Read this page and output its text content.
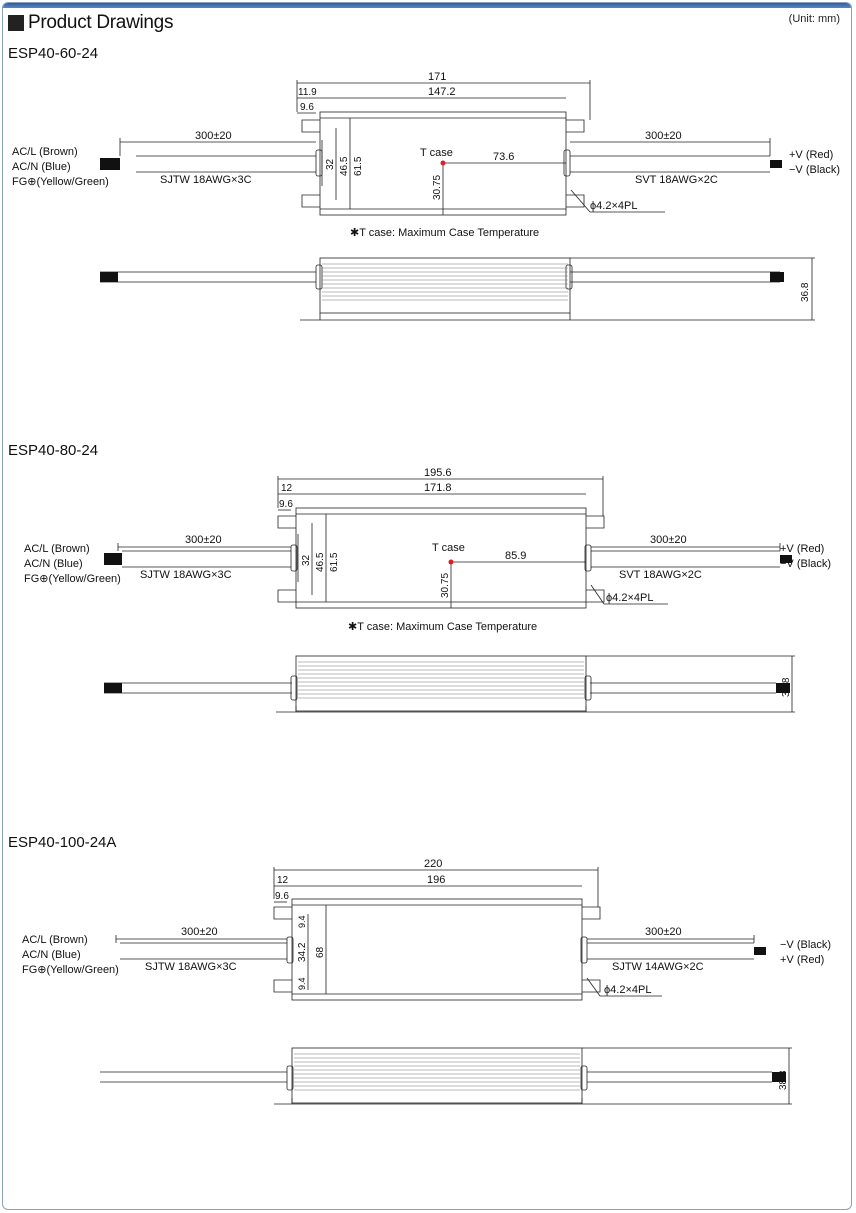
Product Drawings	(Unit: mm)
ESP40-60-24
171
147.2
11.9
9.6
300±20	300±20
32 46.5 61.5
T case	73.6
30.75
AC/L (Brown)
AC/N (Blue)
FG⊕(Yellow/Green)	SJTW 18AWG×3C	SVT 18AWG×2C
+V (Red)
−V (Black)
ϕ4.2×4PL
✱T case: Maximum Case Temperature
36.8
ESP40-80-24
195.6
171.8
12
9.6
300±20	300±20
32 46.5 61.5
T case
85.9
30.75
AC/L (Brown)
AC/N (Blue)
FG⊕(Yellow/Green) SJTW 18AWG×3C	SVT 18AWG×2C
+V (Red)
−V (Black)
ϕ4.2×4PL
✱T case: Maximum Case Temperature
38.8
ESP40-100-24A
220
196
12
9.6
300±20	300±20
9.4
34.2
9.4
68
AC/L (Brown)
AC/N (Blue)
FG⊕(Yellow/Green) SJTW 18AWG×3C	SJTW 14AWG×2C
−V (Black)
+V (Red)
ϕ4.2×4PL
38.8
